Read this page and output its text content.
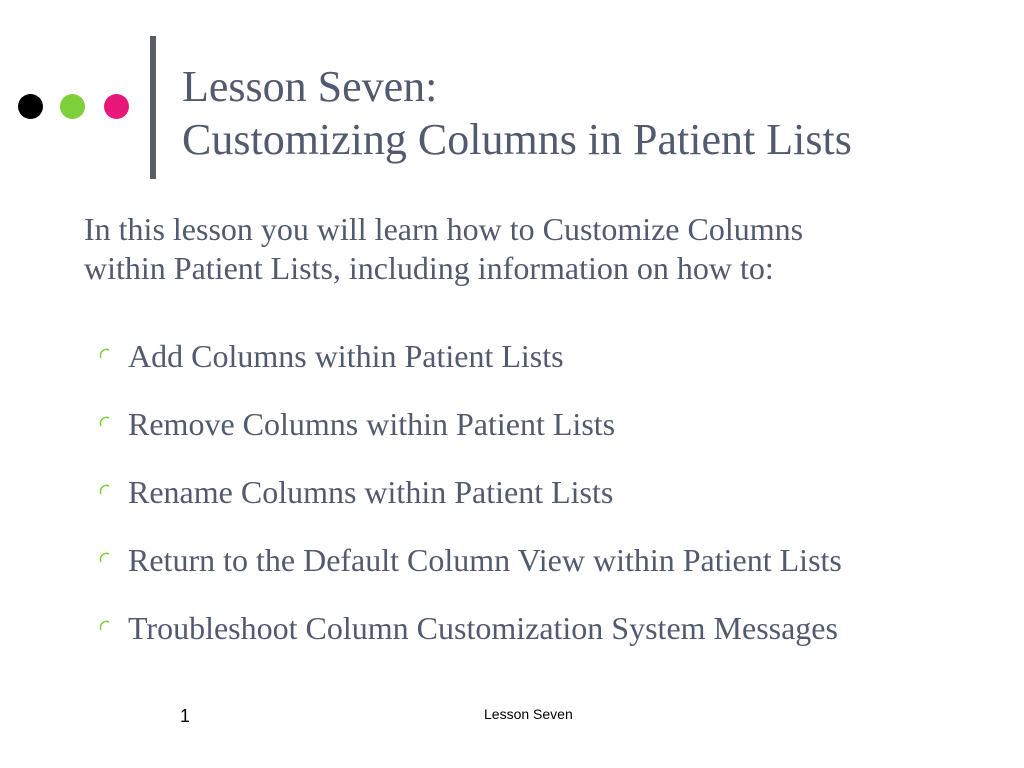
Lesson Seven:
Customizing Columns in Patient Lists

In this lesson you will learn how to Customize Columns
within Patient Lists, including information on how to:

Add Columns within Patient Lists
Remove Columns within Patient Lists
Rename Columns within Patient Lists
Return to the Default Column View within Patient Lists
Troubleshoot Column Customization System Messages
1	Lesson Seven
